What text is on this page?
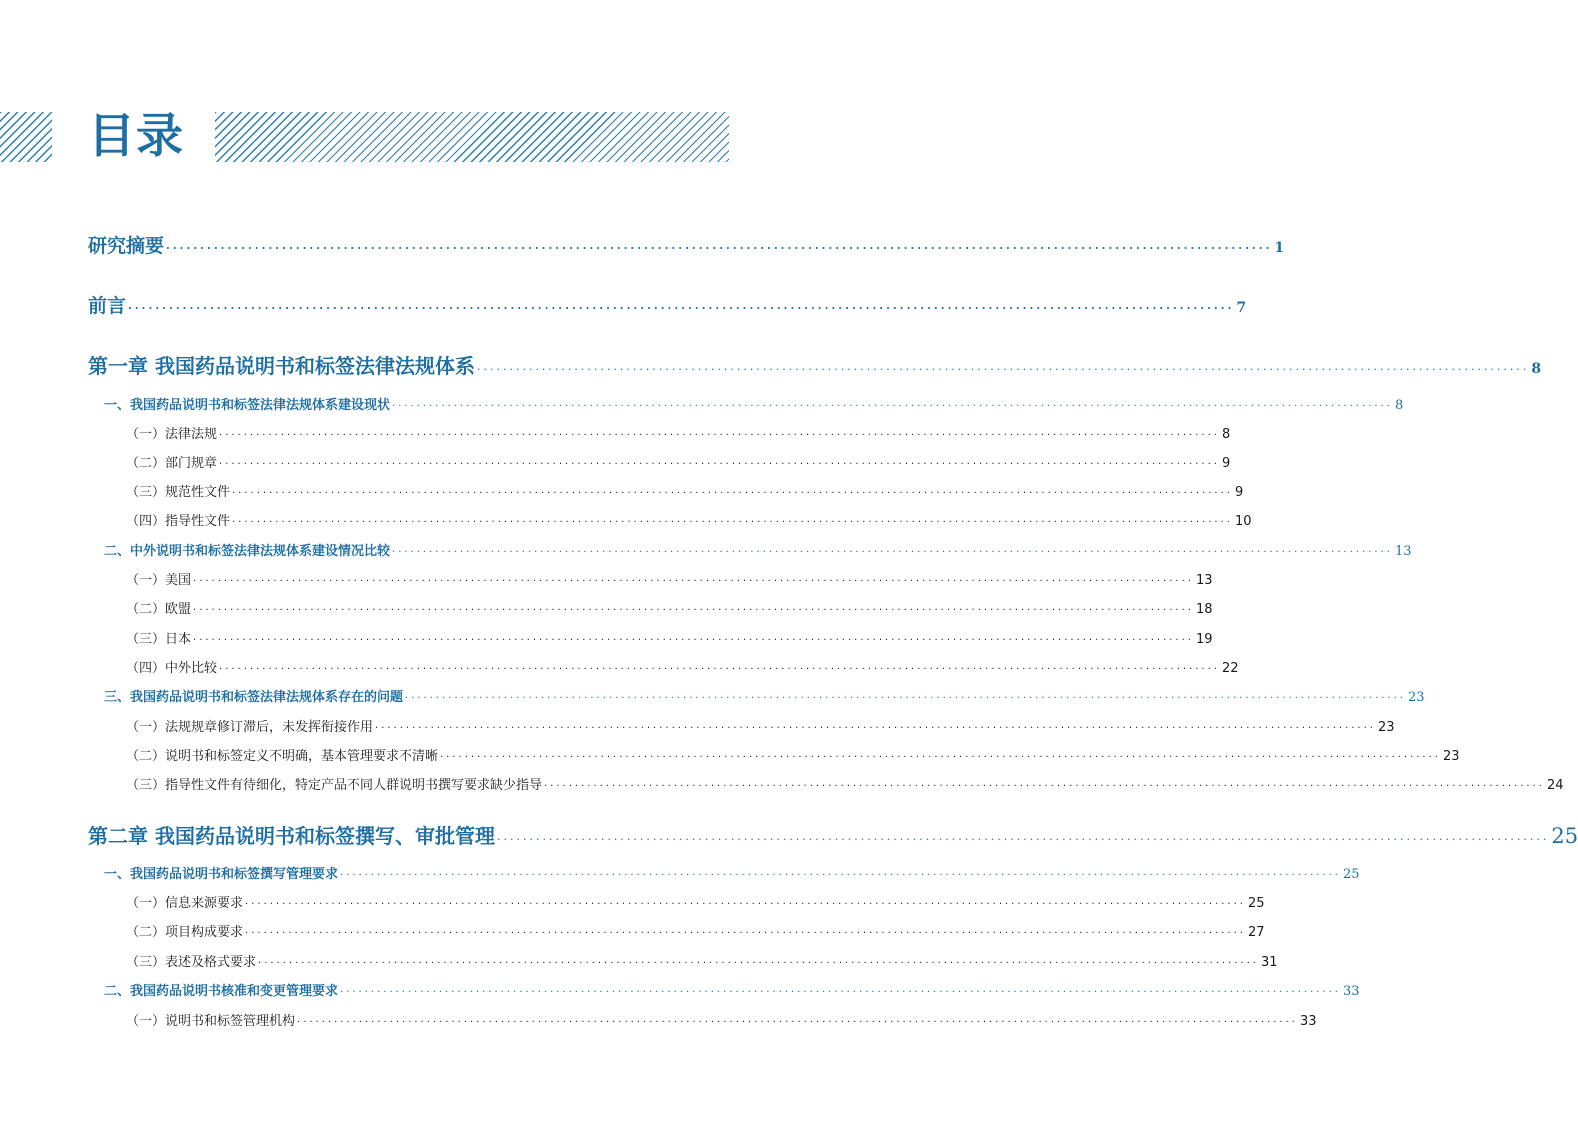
目录
研究摘要 ·································································································································································· 1
前言 ·································································································································································· 7
第一章 我国药品说明书和标签法律法规体系 ·································································································································································· 8
一、我国药品说明书和标签法律法规体系建设现状 ·································································································································································· 8
（一）法律法规 ·································································································································································· 8
（二）部门规章 ·································································································································································· 9
（三）规范性文件 ·································································································································································· 9
（四）指导性文件 ·································································································································································· 10
二、中外说明书和标签法律法规体系建设情况比较 ·································································································································································· 13
（一）美国 ·································································································································································· 13
（二）欧盟 ·································································································································································· 18
（三）日本 ·································································································································································· 19
（四）中外比较 ·································································································································································· 22
三、我国药品说明书和标签法律法规体系存在的问题 ·································································································································································· 23
（一）法规规章修订滞后，未发挥衔接作用 ·································································································································································· 23
（二）说明书和标签定义不明确，基本管理要求不清晰 ·································································································································································· 23
（三）指导性文件有待细化，特定产品不同人群说明书撰写要求缺少指导 ·································································································································································· 24
第二章 我国药品说明书和标签撰写、审批管理 ·································································································································································· 25
一、我国药品说明书和标签撰写管理要求 ·································································································································································· 25
（一）信息来源要求 ·································································································································································· 25
（二）项目构成要求 ·································································································································································· 27
（三）表述及格式要求 ·································································································································································· 31
二、我国药品说明书核准和变更管理要求 ·································································································································································· 33
（一）说明书和标签管理机构 ·································································································································································· 33
